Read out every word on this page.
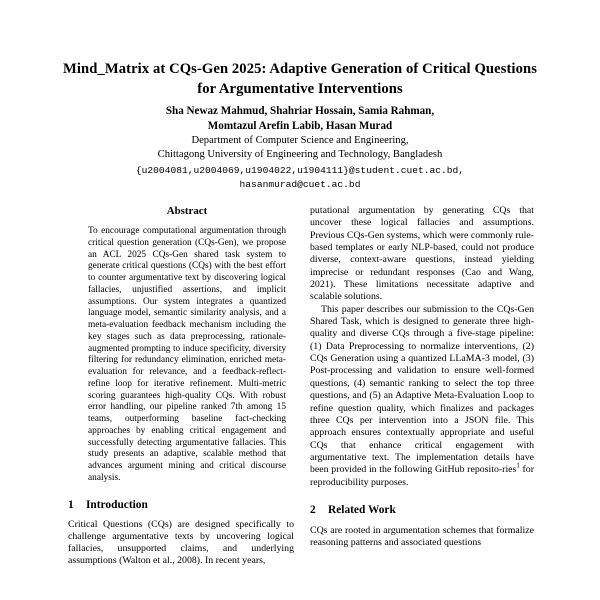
Mind_Matrix at CQs-Gen 2025: Adaptive Generation of Critical Questions for Argumentative Interventions
Sha Newaz Mahmud, Shahriar Hossain, Samia Rahman,
Momtazul Arefin Labib, Hasan Murad
Department of Computer Science and Engineering,
Chittagong University of Engineering and Technology, Bangladesh
{u2004081,u2004069,u1904022,u1904111}@student.cuet.ac.bd,
hasanmurad@cuet.ac.bd
Abstract

To encourage computational argumentation through critical question generation (CQs-Gen), we propose an ACL 2025 CQs-Gen shared task system to generate critical questions (CQs) with the best effort to counter argumentative text by discovering logical fallacies, unjustified assertions, and implicit assumptions. Our system integrates a quantized language model, semantic similarity analysis, and a meta-evaluation feedback mechanism including the key stages such as data preprocessing, rationale-augmented prompting to induce specificity, diversity filtering for redundancy elimination, enriched meta-evaluation for relevance, and a feedback-reflect-refine loop for iterative refinement. Multi-metric scoring guarantees high-quality CQs. With robust error handling, our pipeline ranked 7th among 15 teams, outperforming baseline fact-checking approaches by enabling critical engagement and successfully detecting argumentative fallacies. This study presents an adaptive, scalable method that advances argument mining and critical discourse analysis.

1 Introduction

Critical Questions (CQs) are designed specifically to challenge argumentative texts by uncovering logical fallacies, unsupported claims, and underlying assumptions (Walton et al., 2008). In recent years,

putational argumentation by generating CQs that uncover these logical fallacies and assumptions. Previous CQs-Gen systems, which were commonly rule-based templates or early NLP-based, could not produce diverse, context-aware questions, instead yielding imprecise or redundant responses (Cao and Wang, 2021). These limitations necessitate adaptive and scalable solutions.

This paper describes our submission to the CQs-Gen Shared Task, which is designed to generate three high-quality and diverse CQs through a five-stage pipeline: (1) Data Preprocessing to normalize interventions, (2) CQs Generation using a quantized LLaMA-3 model, (3) Post-processing and validation to ensure well-formed questions, (4) semantic ranking to select the top three questions, and (5) an Adaptive Meta-Evaluation Loop to refine question quality, which finalizes and packages three CQs per intervention into a JSON file. This approach ensures contextually appropriate and useful CQs that enhance critical engagement with argumentative text. The implementation details have been provided in the following GitHub reposito-ries$^1$ for reproducibility purposes.

2 Related Work

CQs are rooted in argumentation schemes that formalize reasoning patterns and associated questions
